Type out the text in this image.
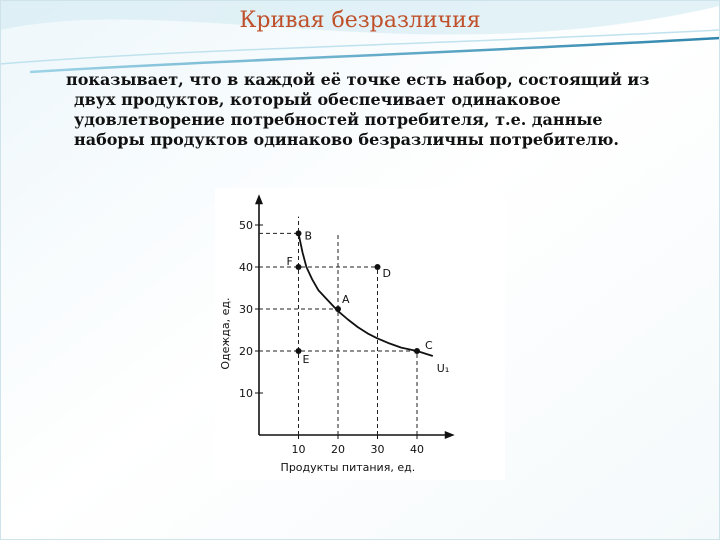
Кривая безразличия
показывает, что в каждой её точке есть набор, состоящий из
двух продуктов, который обеспечивает одинаковое
удовлетворение потребностей потребителя, т.е. данные
наборы продуктов одинаково безразличны потребителю.
10 20 30 40
10
20
30
40
50
Продукты питания, ед.
Одежда, ед.	U₁
B
F
A
D
E
C
